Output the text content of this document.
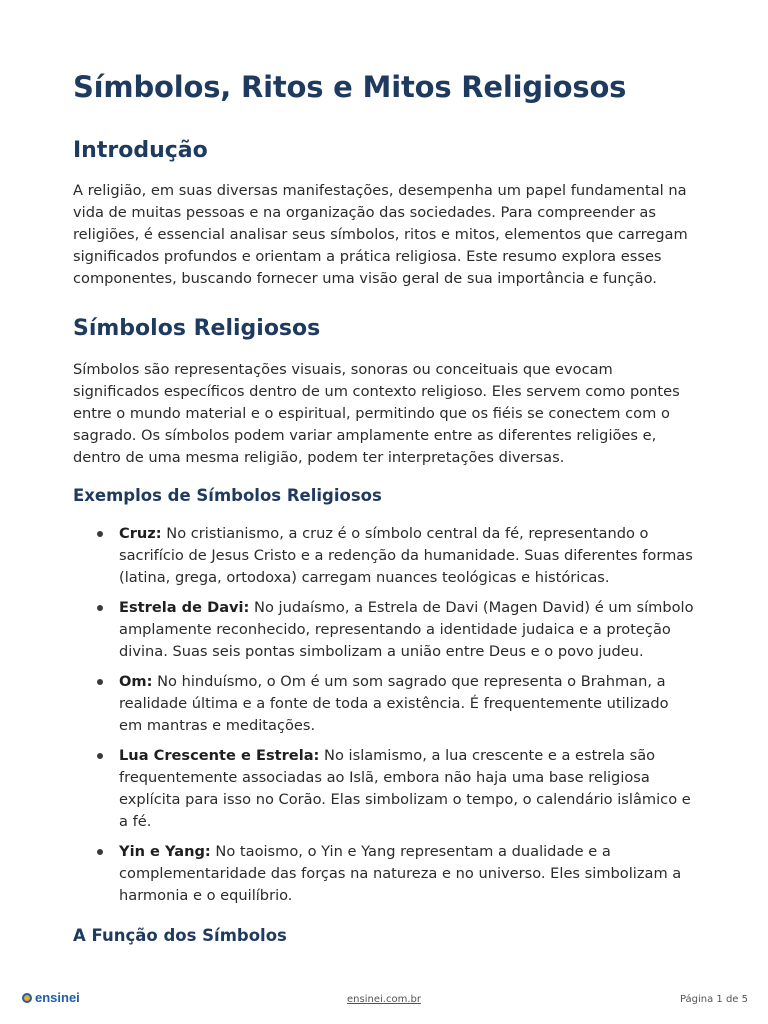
Símbolos, Ritos e Mitos Religiosos
Introdução

A religião, em suas diversas manifestações, desempenha um papel fundamental na vida de muitas pessoas e na organização das sociedades. Para compreender as religiões, é essencial analisar seus símbolos, ritos e mitos, elementos que carregam significados profundos e orientam a prática religiosa. Este resumo explora esses componentes, buscando fornecer uma visão geral de sua importância e função.

Símbolos Religiosos

Símbolos são representações visuais, sonoras ou conceituais que evocam significados específicos dentro de um contexto religioso. Eles servem como pontes entre o mundo material e o espiritual, permitindo que os fiéis se conectem com o sagrado. Os símbolos podem variar amplamente entre as diferentes religiões e, dentro de uma mesma religião, podem ter interpretações diversas.

Exemplos de Símbolos Religiosos
Cruz: No cristianismo, a cruz é o símbolo central da fé, representando o sacrifício de Jesus Cristo e a redenção da humanidade. Suas diferentes formas (latina, grega, ortodoxa) carregam nuances teológicas e históricas.
Estrela de Davi: No judaísmo, a Estrela de Davi (Magen David) é um símbolo amplamente reconhecido, representando a identidade judaica e a proteção divina. Suas seis pontas simbolizam a união entre Deus e o povo judeu.
Om: No hinduísmo, o Om é um som sagrado que representa o Brahman, a realidade última e a fonte de toda a existência. É frequentemente utilizado em mantras e meditações.
Lua Crescente e Estrela: No islamismo, a lua crescente e a estrela são frequentemente associadas ao Islã, embora não haja uma base religiosa explícita para isso no Corão. Elas simbolizam o tempo, o calendário islâmico e a fé.
Yin e Yang: No taoismo, o Yin e Yang representam a dualidade e a complementaridade das forças na natureza e no universo. Eles simbolizam a harmonia e o equilíbrio.
A Função dos Símbolos
ensinei	ensinei.com.br	Página 1 de 5
